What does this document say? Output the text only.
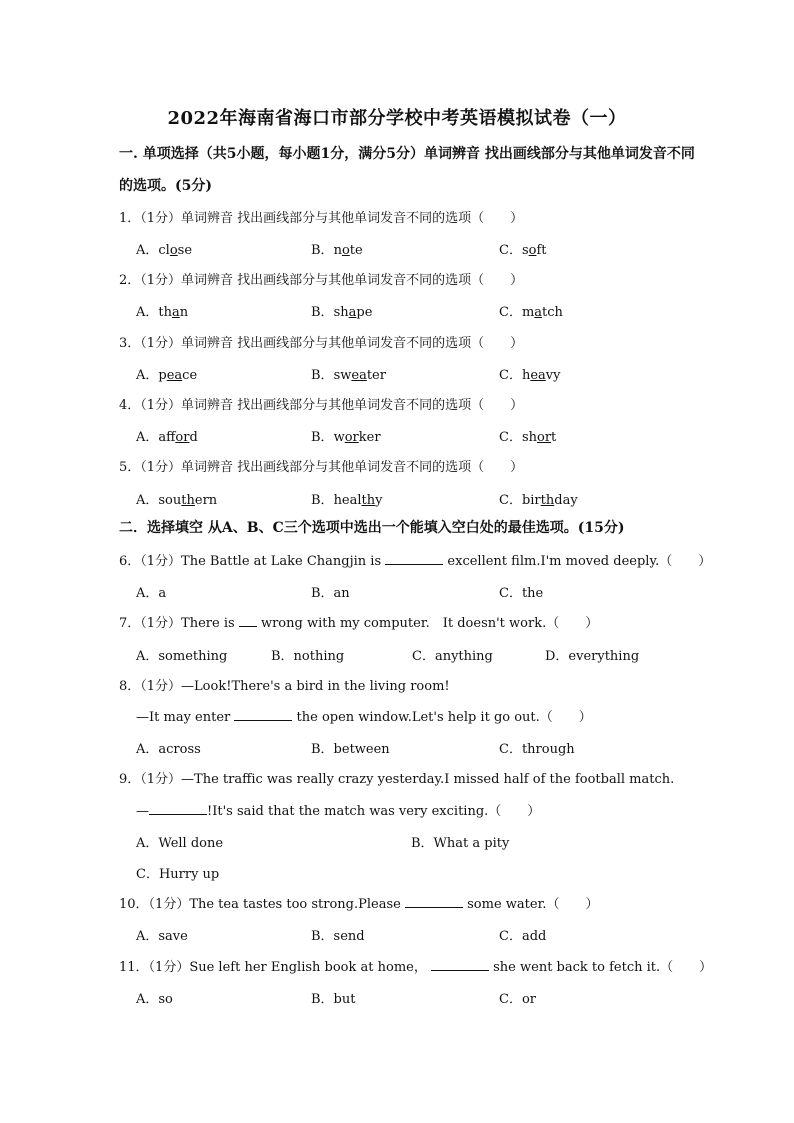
2022年海南省海口市部分学校中考英语模拟试卷（一）
一. 单项选择（共5小题，每小题1分，满分5分）单词辨音 找出画线部分与其他单词发音不同的选项。(5分)
1．（1分）单词辨音 找出画线部分与其他单词发音不同的选项（　　）
A．close	B．note	C．soft
2．（1分）单词辨音 找出画线部分与其他单词发音不同的选项（　　）
A．than	B．shape	C．match
3．（1分）单词辨音 找出画线部分与其他单词发音不同的选项（　　）
A．peace	B．sweater	C．heavy
4．（1分）单词辨音 找出画线部分与其他单词发音不同的选项（　　）
A．afford	B．worker	C．short
5．（1分）单词辨音 找出画线部分与其他单词发音不同的选项（　　）
A．southern	B．healthy	C．birthday
二．选择填空 从A、B、C三个选项中选出一个能填入空白处的最佳选项。(15分)
6．（1分）The Battle at Lake Changjin is	excellent film.I'm moved deeply.（　　）
A．a	B．an	C．the
7．（1分）There is wrong with my computer.　It doesn't work.（　　）
A．something	B．nothing	C．anything	D．everything
8．（1分）—Look!There's a bird in the living room!
—It may enter	the open window.Let's help it go out.（　　）
A．across	B．between	C．through
9．（1分）—The traffic was really crazy yesterday.I missed half of the football match.
—	!It's said that the match was very exciting.（　　）
A．Well done	B．What a pity
C．Hurry up
10．（1分）The tea tastes too strong.Please	some water.（　　）
A．save	B．send	C．add
11．（1分）Sue left her English book at home，	she went back to fetch it.（　　）
A．so	B．but	C．or
